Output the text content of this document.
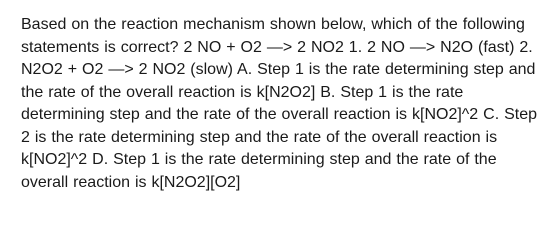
Based on the reaction mechanism shown below, which of the following statements is correct? 2 NO + O2 —> 2 NO2 1. 2 NO —> N2O (fast) 2. N2O2 + O2 —> 2 NO2 (slow) A. Step 1 is the rate determining step and the rate of the overall reaction is k[N2O2] B. Step 1 is the rate determining step and the rate of the overall reaction is k[NO2]^2 C. Step 2 is the rate determining step and the rate of the overall reaction is k[NO2]^2 D. Step 1 is the rate determining step and the rate of the overall reaction is k[N2O2][O2]
